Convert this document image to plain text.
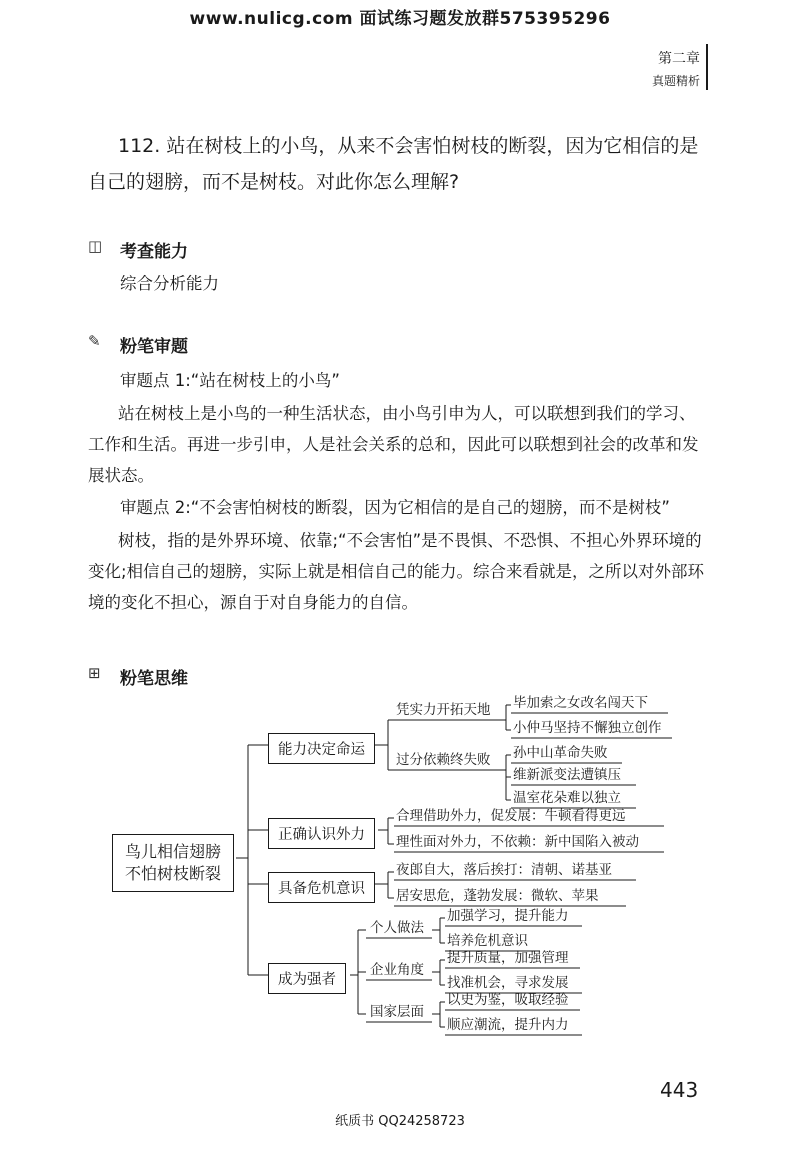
www.nulicg.com 面试练习题发放群575395296
第二章
真题精析
112. 站在树枝上的小鸟，从来不会害怕树枝的断裂，因为它相信的是自己的翅膀，而不是树枝。对此你怎么理解?
◫ 考查能力
综合分析能力
✎ 粉笔审题
审题点 1:“站在树枝上的小鸟”
站在树枝上是小鸟的一种生活状态，由小鸟引申为人，可以联想到我们的学习、工作和生活。再进一步引申，人是社会关系的总和，因此可以联想到社会的改革和发展状态。
审题点 2:“不会害怕树枝的断裂，因为它相信的是自己的翅膀，而不是树枝”
树枝，指的是外界环境、依靠;“不会害怕”是不畏惧、不恐惧、不担心外界环境的变化;相信自己的翅膀，实际上就是相信自己的能力。综合来看就是，之所以对外部环境的变化不担心，源自于对自身能力的自信。
⊞ 粉笔思维
鸟儿相信翅膀不怕树枝断裂
能力决定命运
凭实力开拓天地
过分依赖终失败
毕加索之女改名闯天下
小仲马坚持不懈独立创作
孙中山革命失败
维新派变法遭镇压
温室花朵难以独立
正确认识外力
合理借助外力，促发展：牛顿看得更远
理性面对外力，不依赖：新中国陷入被动
具备危机意识
夜郎自大，落后挨打：清朝、诺基亚
居安思危，蓬勃发展：微软、苹果
成为强者
个人做法
企业角度
国家层面
加强学习，提升能力
培养危机意识
提升质量，加强管理
找准机会，寻求发展
以史为鉴，吸取经验
顺应潮流，提升内力
443
纸质书 QQ24258723
